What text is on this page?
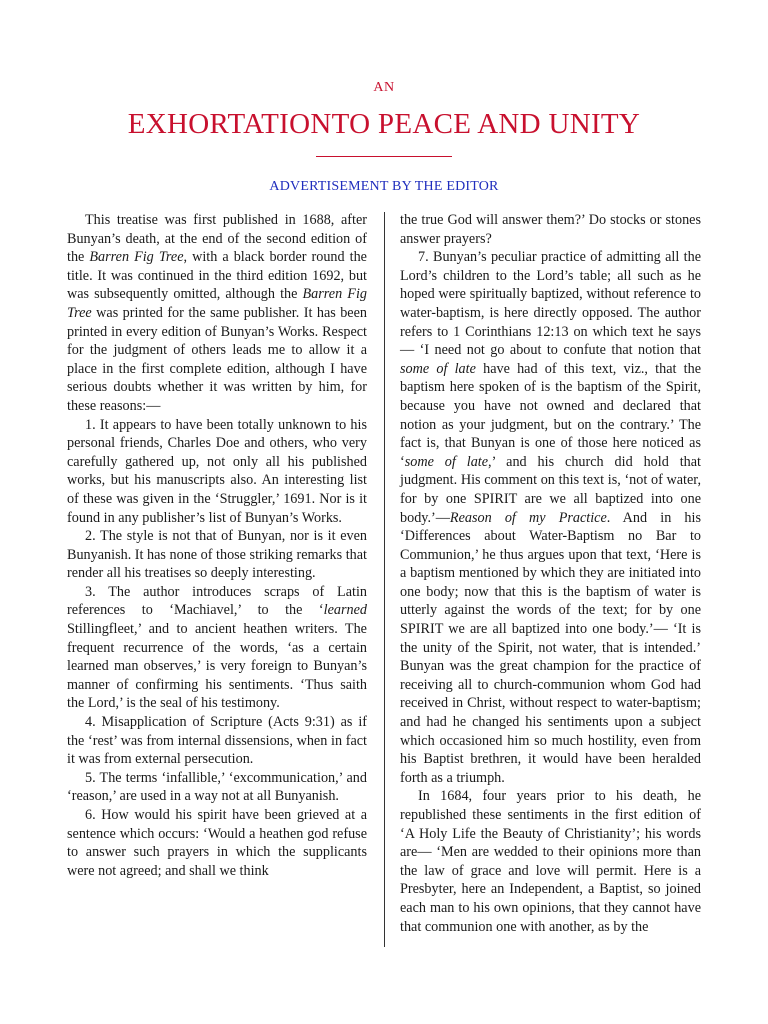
AN
EXHORTATIONTO PEACE AND UNITY
ADVERTISEMENT BY THE EDITOR

This treatise was first published in 1688, after Bunyan’s death, at the end of the second edition of the Barren Fig Tree, with a black border round the title. It was continued in the third edition 1692, but was subsequently omitted, although the Barren Fig Tree was printed for the same publisher. It has been printed in every edition of Bunyan’s Works. Respect for the judgment of others leads me to allow it a place in the first complete edition, although I have serious doubts whether it was written by him, for these reasons:—

1. It appears to have been totally unknown to his personal friends, Charles Doe and others, who very carefully gathered up, not only all his published works, but his manuscripts also. An interesting list of these was given in the ‘Struggler,’ 1691. Nor is it found in any publisher’s list of Bunyan’s Works.

2. The style is not that of Bunyan, nor is it even Bunyanish. It has none of those striking remarks that render all his treatises so deeply interesting.

3. The author introduces scraps of Latin references to ‘Machiavel,’ to the ‘learned Stillingfleet,’ and to ancient heathen writers. The frequent recurrence of the words, ‘as a certain learned man observes,’ is very foreign to Bunyan’s manner of confirming his sentiments. ‘Thus saith the Lord,’ is the seal of his testimony.

4. Misapplication of Scripture (Acts 9:31) as if the ‘rest’ was from internal dissensions, when in fact it was from external persecution.

5. The terms ‘infallible,’ ‘excommunication,’ and ‘reason,’ are used in a way not at all Bunyanish.

6. How would his spirit have been grieved at a sentence which occurs: ‘Would a heathen god refuse to answer such prayers in which the supplicants were not agreed; and shall we think

the true God will answer them?’ Do stocks or stones answer prayers?

7. Bunyan’s peculiar practice of admitting all the Lord’s children to the Lord’s table; all such as he hoped were spiritually baptized, without reference to water-baptism, is here directly opposed. The author refers to 1 Corinthians 12:13 on which text he says— ‘I need not go about to confute that notion that some of late have had of this text, viz., that the baptism here spoken of is the baptism of the Spirit, because you have not owned and declared that notion as your judgment, but on the contrary.’ The fact is, that Bunyan is one of those here noticed as ‘some of late,’ and his church did hold that judgment. His comment on this text is, ‘not of water, for by one SPIRIT are we all baptized into one body.’—Reason of my Practice. And in his ‘Differences about Water-Baptism no Bar to Communion,’ he thus argues upon that text, ‘Here is a baptism mentioned by which they are initiated into one body; now that this is the baptism of water is utterly against the words of the text; for by one SPIRIT we are all baptized into one body.’— ‘It is the unity of the Spirit, not water, that is intended.’ Bunyan was the great champion for the practice of receiving all to church-communion whom God had received in Christ, without respect to water-baptism; and had he changed his sentiments upon a subject which occasioned him so much hostility, even from his Baptist brethren, it would have been heralded forth as a triumph.

In 1684, four years prior to his death, he republished these sentiments in the first edition of ‘A Holy Life the Beauty of Christianity’; his words are— ‘Men are wedded to their opinions more than the law of grace and love will permit. Here is a Presbyter, here an Independent, a Baptist, so joined each man to his own opinions, that they cannot have that communion one with another, as by the
